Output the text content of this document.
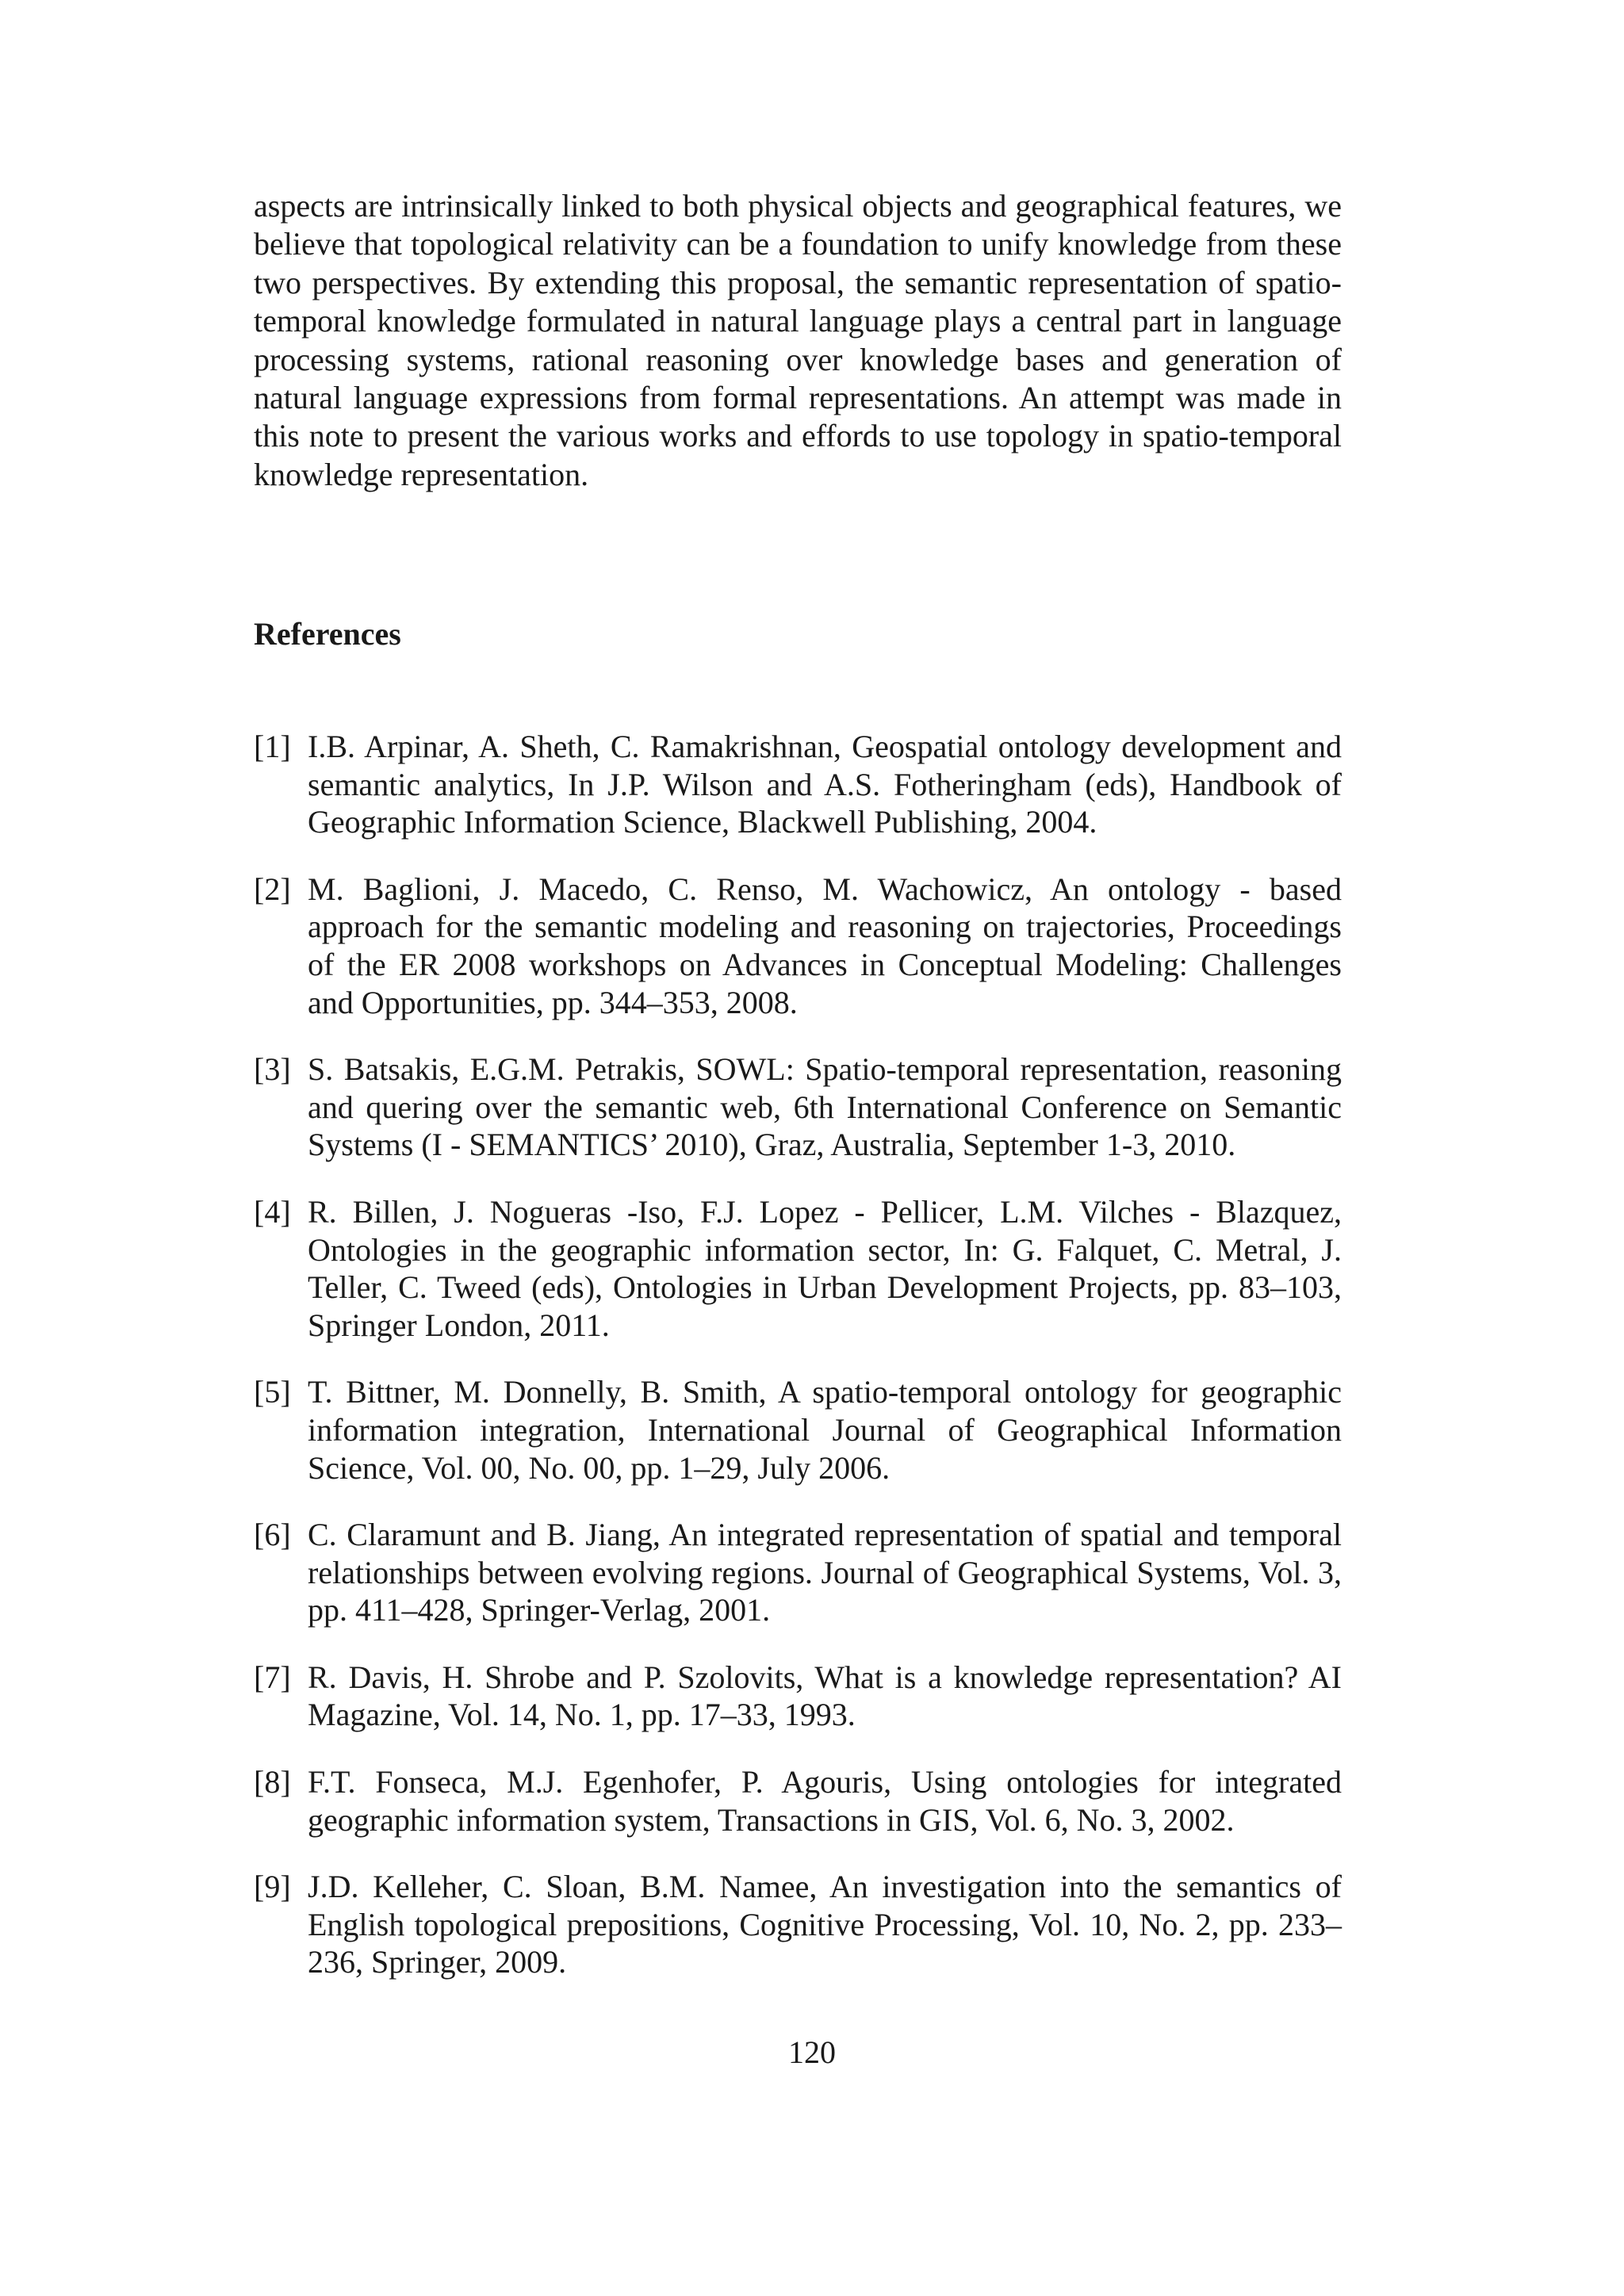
aspects are intrinsically linked to both physical objects and geographical features, we believe that topological relativity can be a foundation to unify knowledge from these two perspectives. By extending this proposal, the semantic representation of spatio-temporal knowledge formulated in natural language plays a central part in language processing systems, rational reasoning over knowledge bases and generation of natural language expressions from formal representations. An attempt was made in this note to present the various works and effords to use topology in spatio-temporal knowledge representation.

References
[1] I.B. Arpinar, A. Sheth, C. Ramakrishnan, Geospatial ontology development and semantic analytics, In J.P. Wilson and A.S. Fotheringham (eds), Handbook of Geographic Information Science, Blackwell Publishing, 2004.
[2] M. Baglioni, J. Macedo, C. Renso, M. Wachowicz, An ontology - based approach for the semantic modeling and reasoning on trajectories, Proceedings of the ER 2008 workshops on Advances in Conceptual Modeling: Challenges and Opportunities, pp. 344–353, 2008.
[3] S. Batsakis, E.G.M. Petrakis, SOWL: Spatio-temporal representation, reasoning and quering over the semantic web, 6th International Conference on Semantic Systems (I - SEMANTICS’ 2010), Graz, Australia, September 1-3, 2010.
[4] R. Billen, J. Nogueras -Iso, F.J. Lopez - Pellicer, L.M. Vilches - Blazquez, Ontologies in the geographic information sector, In: G. Falquet, C. Metral, J. Teller, C. Tweed (eds), Ontologies in Urban Development Projects, pp. 83–103, Springer London, 2011.
[5] T. Bittner, M. Donnelly, B. Smith, A spatio-temporal ontology for geographic information integration, International Journal of Geographical Information Science, Vol. 00, No. 00, pp. 1–29, July 2006.
[6] C. Claramunt and B. Jiang, An integrated representation of spatial and temporal relationships between evolving regions. Journal of Geographical Systems, Vol. 3, pp. 411–428, Springer-Verlag, 2001.
[7] R. Davis, H. Shrobe and P. Szolovits, What is a knowledge representation? AI Magazine, Vol. 14, No. 1, pp. 17–33, 1993.
[8] F.T. Fonseca, M.J. Egenhofer, P. Agouris, Using ontologies for integrated geographic information system, Transactions in GIS, Vol. 6, No. 3, 2002.
[9] J.D. Kelleher, C. Sloan, B.M. Namee, An investigation into the semantics of English topological prepositions, Cognitive Processing, Vol. 10, No. 2, pp. 233–236, Springer, 2009.
120
